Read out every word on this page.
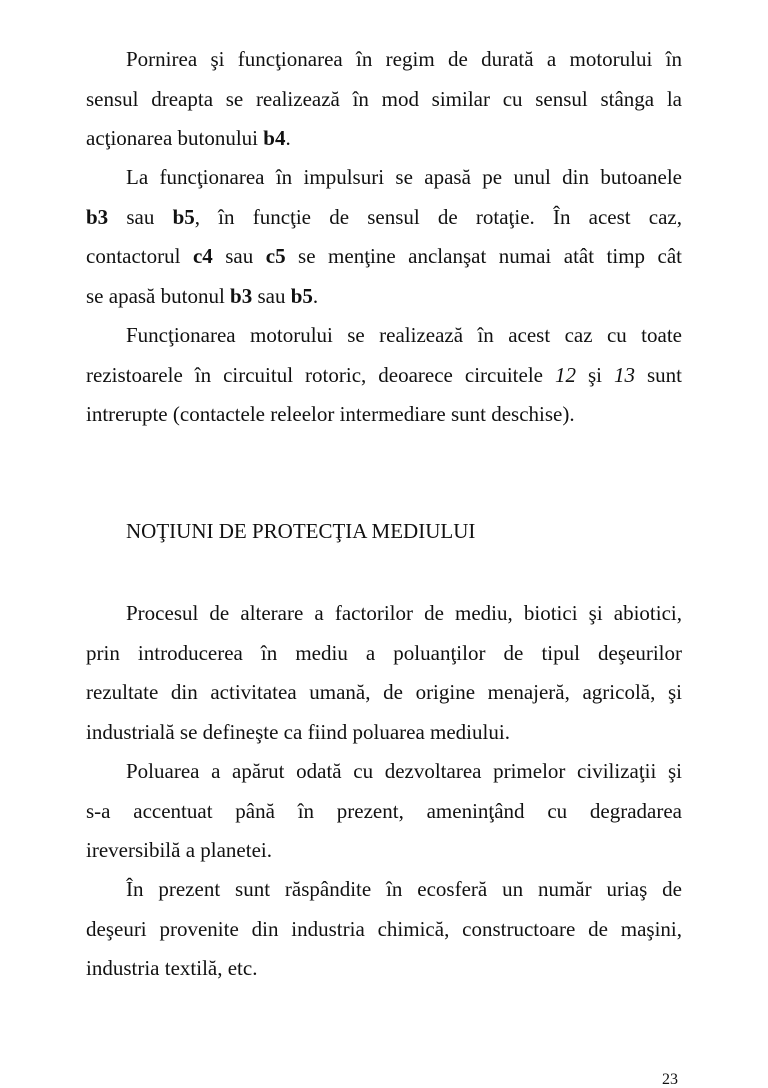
Pornirea şi funcţionarea în regim de durată a motorului în
sensul dreapta se realizează în mod similar cu sensul stânga la
acţionarea butonului b4.
La funcţionarea în impulsuri se apasă pe unul din butoanele
b3 sau b5, în funcţie de sensul de rotaţie. În acest caz,
contactorul c4 sau c5 se menţine anclanşat numai atât timp cât
se apasă butonul b3 sau b5.
Funcţionarea motorului se realizează în acest caz cu toate
rezistoarele în circuitul rotoric, deoarece circuitele 12 şi 13 sunt
intrerupte (contactele releelor intermediare sunt deschise).
NOŢIUNI DE PROTECŢIA MEDIULUI
Procesul de alterare a factorilor de mediu, biotici şi abiotici,
prin introducerea în mediu a poluanţilor de tipul deşeurilor
rezultate din activitatea umană, de origine menajeră, agricolă, şi
industrială se defineşte ca fiind poluarea mediului.
Poluarea a apărut odată cu dezvoltarea primelor civilizaţii şi
s-a accentuat până în prezent, ameninţând cu degradarea
ireversibilă a planetei.
În prezent sunt răspândite în ecosferă un număr uriaş de
deşeuri provenite din industria chimică, constructoare de maşini,
industria textilă, etc.
23
